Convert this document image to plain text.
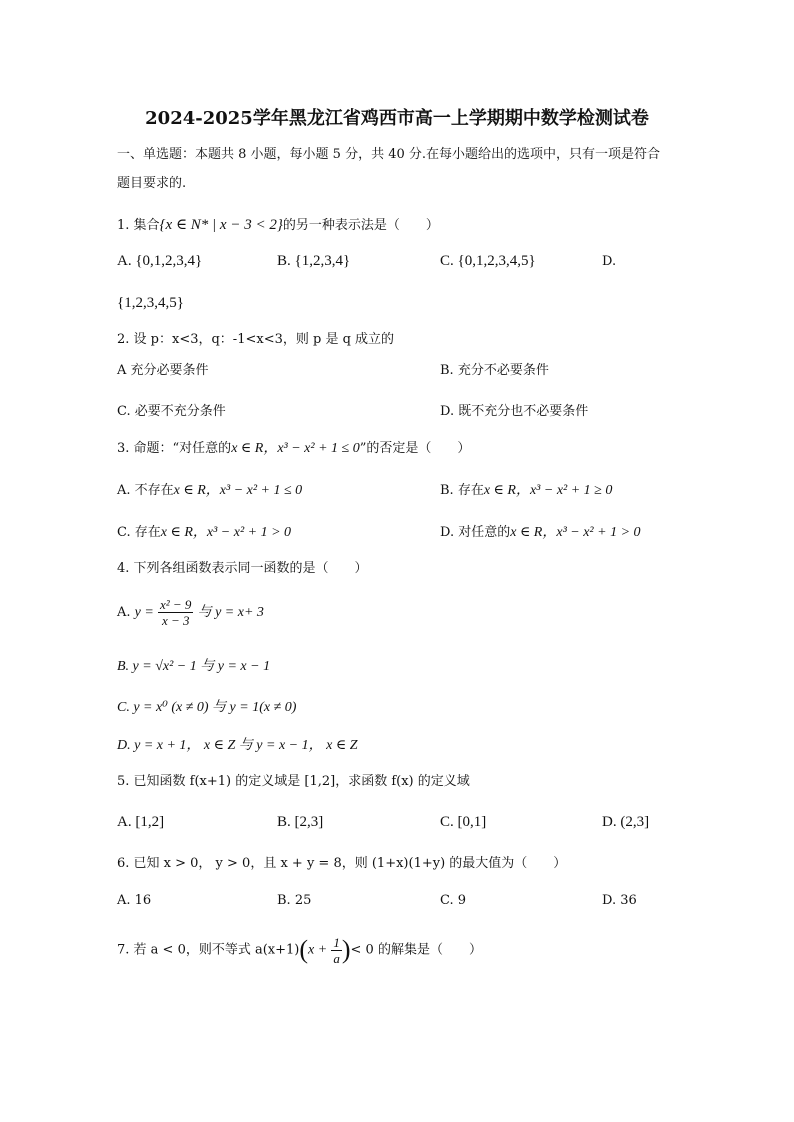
2024-2025学年黑龙江省鸡西市高一上学期期中数学检测试卷
一、单选题：本题共 8 小题，每小题 5 分，共 40 分.在每小题给出的选项中，只有一项是符合
题目要求的.
1. 集合{x ∈ N* | x − 3 < 2}的另一种表示法是（　　）
A. {0,1,2,3,4}	B. {1,2,3,4}	C. {0,1,2,3,4,5}	D.
{1,2,3,4,5}
2. 设 p：x<3，q：-1<x<3，则 p 是 q 成立的
A 充分必要条件	B. 充分不必要条件
C. 必要不充分条件	D. 既不充分也不必要条件
3. 命题：“对任意的x ∈ R，x³ − x² + 1 ≤ 0”的否定是（　　）
A. 不存在x ∈ R，x³ − x² + 1 ≤ 0	B. 存在x ∈ R，x³ − x² + 1 ≥ 0
C. 存在x ∈ R，x³ − x² + 1 > 0	D. 对任意的x ∈ R，x³ − x² + 1 > 0
4. 下列各组函数表示同一函数的是（　　）
A. $y = \frac{\text{x² − 9}}{x - 3}$ 与 y = x+ 3
B. y = √x² − 1 与 y = x − 1
C. y = x⁰ (x ≠ 0) 与 y = 1(x ≠ 0)
D. y = x + 1， x ∈ Z 与 y = x − 1， x ∈ Z
5. 已知函数 f(x+1) 的定义域是 [1,2]，求函数 f(x) 的定义域
A. [1,2]	B. [2,3]	C. [0,1]	D. (2,3]
6. 已知 x > 0， y > 0，且 x + y = 8，则 (1+x)(1+y) 的最大值为（　　）
A. 16	B. 25	C. 9	D. 36
7. 若 a < 0，则不等式 $a(x+1)(x + \frac{1}{a}$ )< 0 的解集是（　　）
